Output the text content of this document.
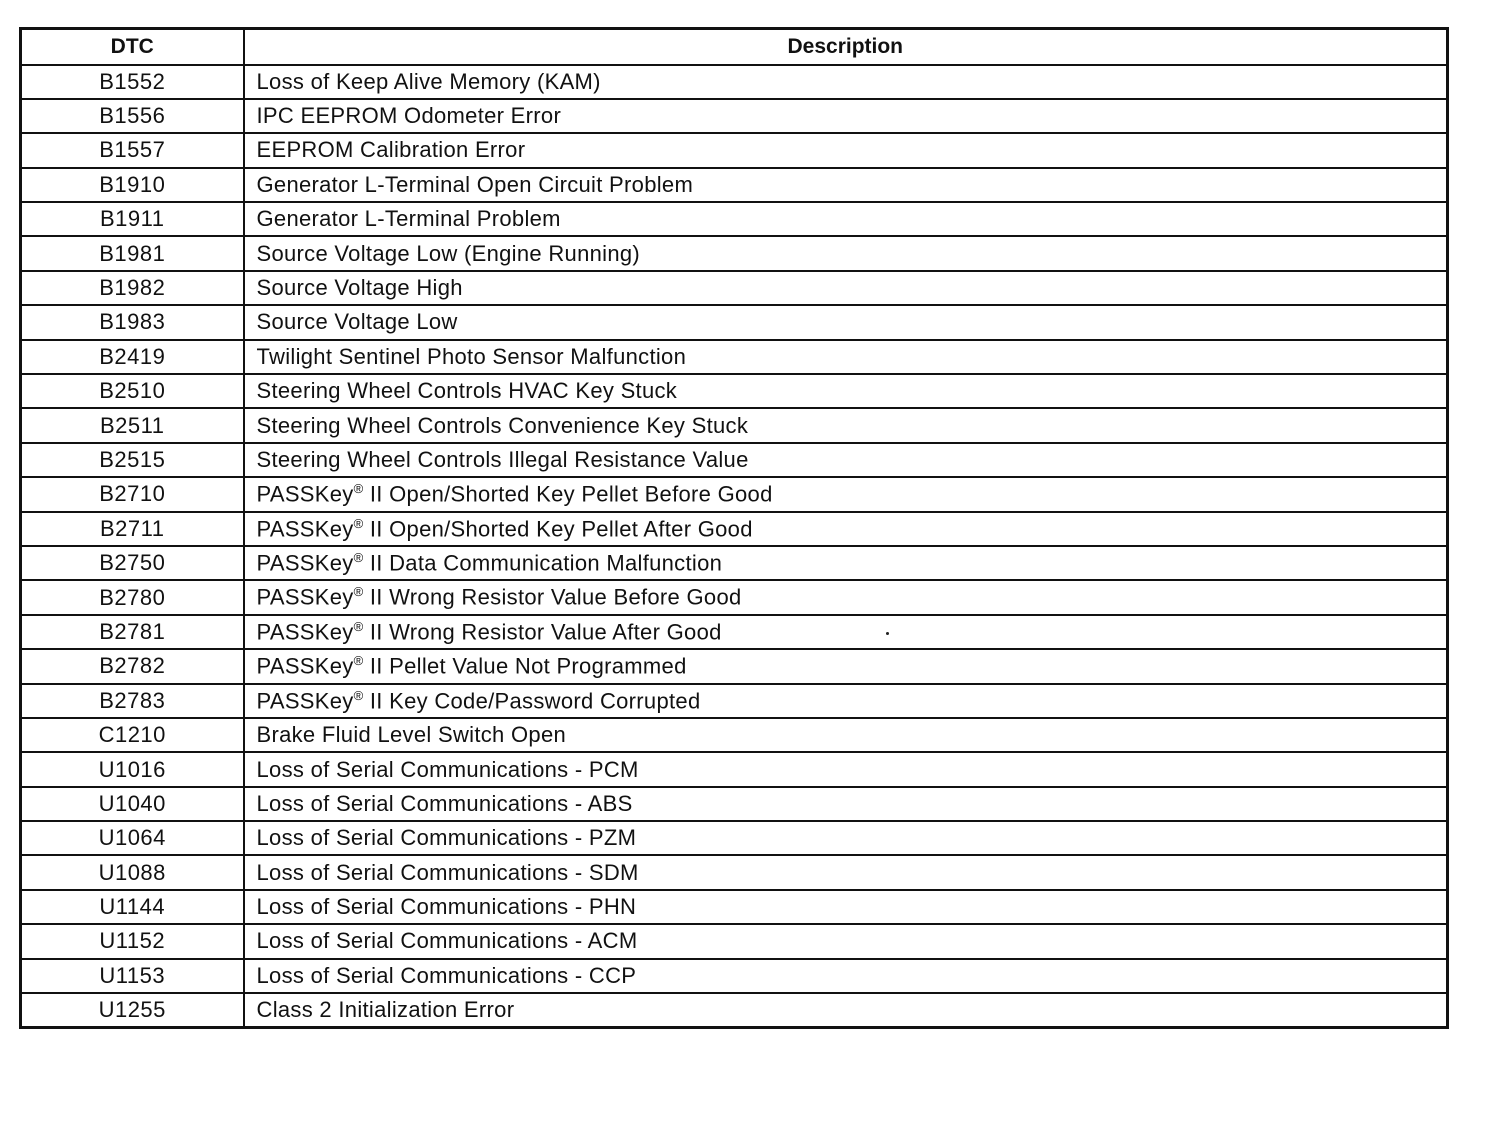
DTC	Description
B1552	Loss of Keep Alive Memory (KAM)
B1556	IPC EEPROM Odometer Error
B1557	EEPROM Calibration Error
B1910	Generator L-Terminal Open Circuit Problem
B1911	Generator L-Terminal Problem
B1981	Source Voltage Low (Engine Running)
B1982	Source Voltage High
B1983	Source Voltage Low
B2419	Twilight Sentinel Photo Sensor Malfunction
B2510	Steering Wheel Controls HVAC Key Stuck
B2511	Steering Wheel Controls Convenience Key Stuck
B2515	Steering Wheel Controls Illegal Resistance Value
B2710	PASSKey® II Open/Shorted Key Pellet Before Good
B2711	PASSKey® II Open/Shorted Key Pellet After Good
B2750	PASSKey® II Data Communication Malfunction
B2780	PASSKey® II Wrong Resistor Value Before Good
B2781	PASSKey® II Wrong Resistor Value After Good
B2782	PASSKey® II Pellet Value Not Programmed
B2783	PASSKey® II Key Code/Password Corrupted
C1210	Brake Fluid Level Switch Open
U1016	Loss of Serial Communications - PCM
U1040	Loss of Serial Communications - ABS
U1064	Loss of Serial Communications - PZM
U1088	Loss of Serial Communications - SDM
U1144	Loss of Serial Communications - PHN
U1152	Loss of Serial Communications - ACM
U1153	Loss of Serial Communications - CCP
U1255	Class 2 Initialization Error
